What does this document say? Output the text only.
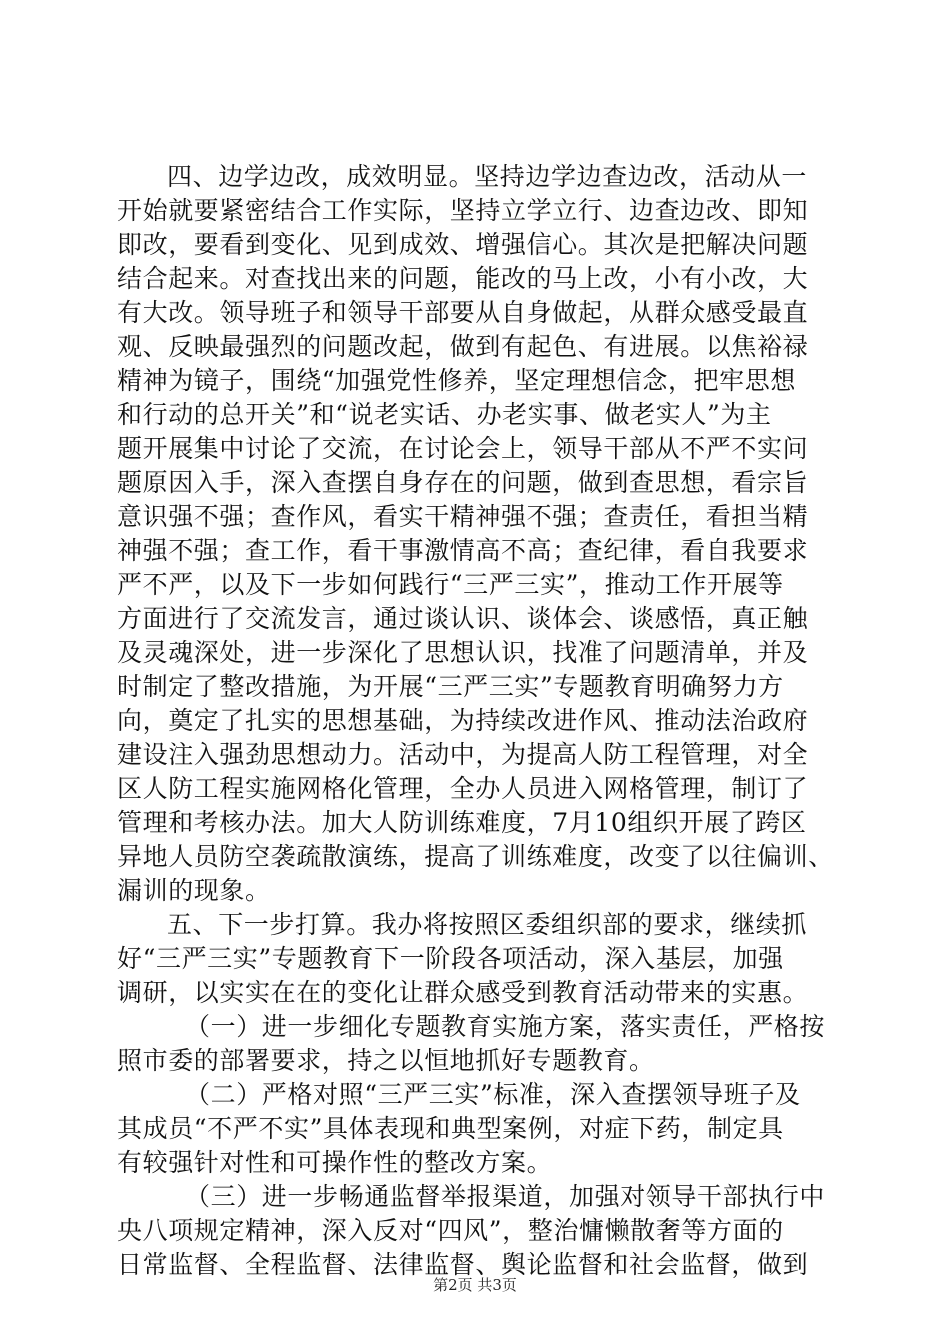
四、边学边改，成效明显。坚持边学边查边改，活动从一
开始就要紧密结合工作实际，坚持立学立行、边查边改、即知
即改，要看到变化、见到成效、增强信心。其次是把解决问题
结合起来。对查找出来的问题，能改的马上改，小有小改，大
有大改。领导班子和领导干部要从自身做起，从群众感受最直
观、反映最强烈的问题改起，做到有起色、有进展。以焦裕禄
精神为镜子，围绕“加强党性修养，坚定理想信念，把牢思想
和行动的总开关”和“说老实话、办老实事、做老实人”为主
题开展集中讨论了交流，在讨论会上，领导干部从不严不实问
题原因入手，深入查摆自身存在的问题，做到查思想，看宗旨
意识强不强；查作风，看实干精神强不强；查责任，看担当精
神强不强；查工作，看干事激情高不高；查纪律，看自我要求
严不严，以及下一步如何践行“三严三实”，推动工作开展等
方面进行了交流发言，通过谈认识、谈体会、谈感悟，真正触
及灵魂深处，进一步深化了思想认识，找准了问题清单，并及
时制定了整改措施，为开展“三严三实”专题教育明确努力方
向，奠定了扎实的思想基础，为持续改进作风、推动法治政府
建设注入强劲思想动力。活动中，为提高人防工程管理，对全
区人防工程实施网格化管理，全办人员进入网格管理，制订了
管理和考核办法。加大人防训练难度，7月10组织开展了跨区
异地人员防空袭疏散演练，提高了训练难度，改变了以往偏训、
漏训的现象。
五、下一步打算。我办将按照区委组织部的要求，继续抓
好“三严三实”专题教育下一阶段各项活动，深入基层，加强
调研，以实实在在的变化让群众感受到教育活动带来的实惠。
（一）进一步细化专题教育实施方案，落实责任，严格按
照市委的部署要求，持之以恒地抓好专题教育。
（二）严格对照“三严三实”标准，深入查摆领导班子及
其成员“不严不实”具体表现和典型案例，对症下药，制定具
有较强针对性和可操作性的整改方案。
（三）进一步畅通监督举报渠道，加强对领导干部执行中
央八项规定精神，深入反对“四风”，整治慵懒散奢等方面的
日常监督、全程监督、法律监督、舆论监督和社会监督，做到
第2页 共3页
